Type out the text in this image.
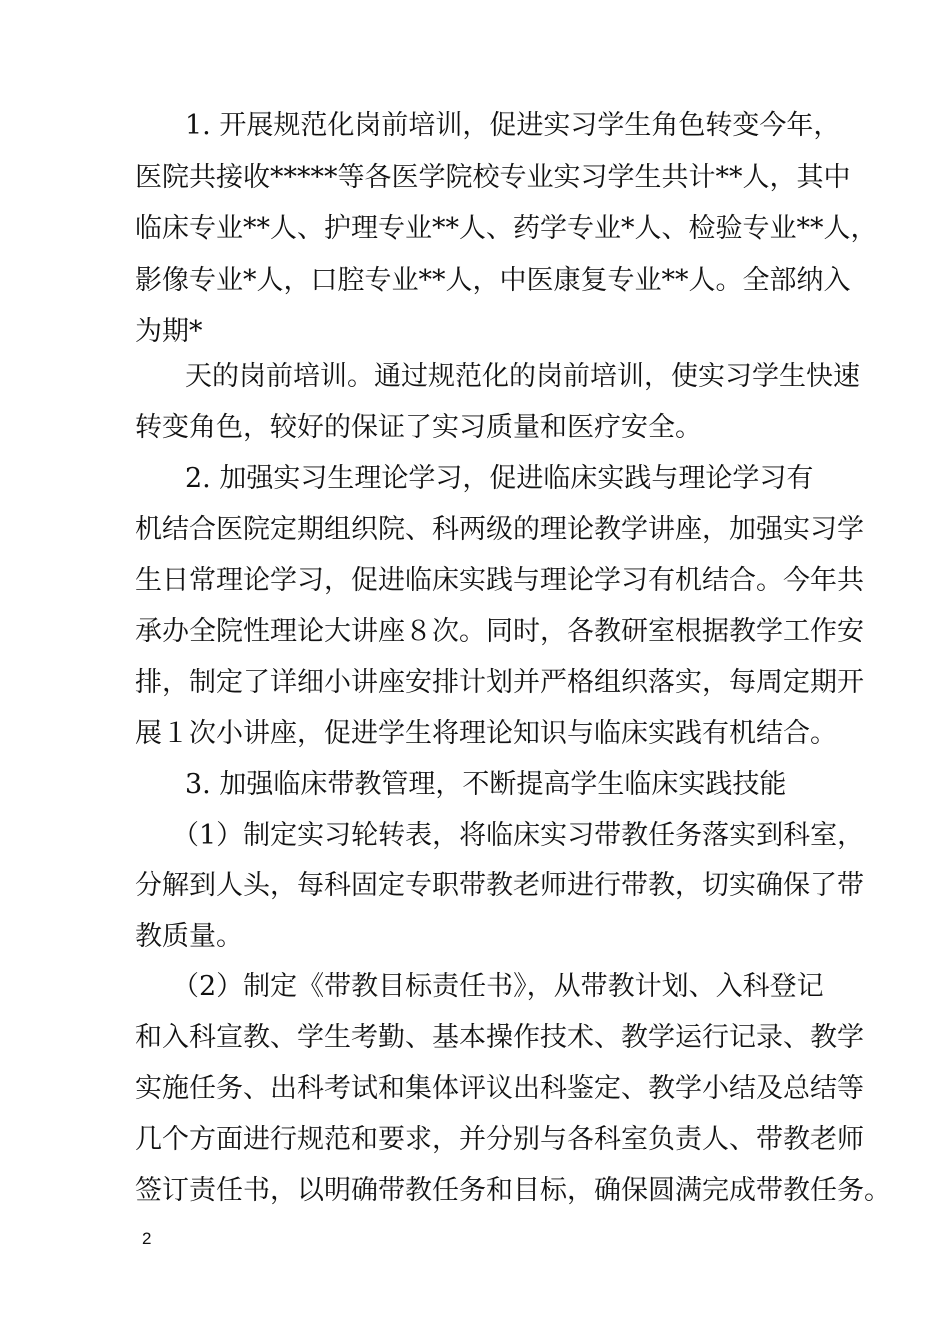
1. 开展规范化岗前培训，促进实习学生角色转变今年，
医院共接收*****等各医学院校专业实习学生共计**人，其中
临床专业**人、护理专业**人、药学专业*人、检验专业**人，
影像专业*人，口腔专业**人，中医康复专业**人。全部纳入
为期*
天的岗前培训。通过规范化的岗前培训，使实习学生快速
转变角色，较好的保证了实习质量和医疗安全。
2. 加强实习生理论学习，促进临床实践与理论学习有
机结合医院定期组织院、科两级的理论教学讲座，加强实习学
生日常理论学习，促进临床实践与理论学习有机结合。今年共
承办全院性理论大讲座８次。同时，各教研室根据教学工作安
排，制定了详细小讲座安排计划并严格组织落实，每周定期开
展１次小讲座，促进学生将理论知识与临床实践有机结合。
3. 加强临床带教管理，不断提高学生临床实践技能
（1）制定实习轮转表，将临床实习带教任务落实到科室，
分解到人头，每科固定专职带教老师进行带教，切实确保了带
教质量。
（2）制定《带教目标责任书》，从带教计划、入科登记
和入科宣教、学生考勤、基本操作技术、教学运行记录、教学
实施任务、出科考试和集体评议出科鉴定、教学小结及总结等
几个方面进行规范和要求，并分别与各科室负责人、带教老师
签订责任书，以明确带教任务和目标，确保圆满完成带教任务。
2
